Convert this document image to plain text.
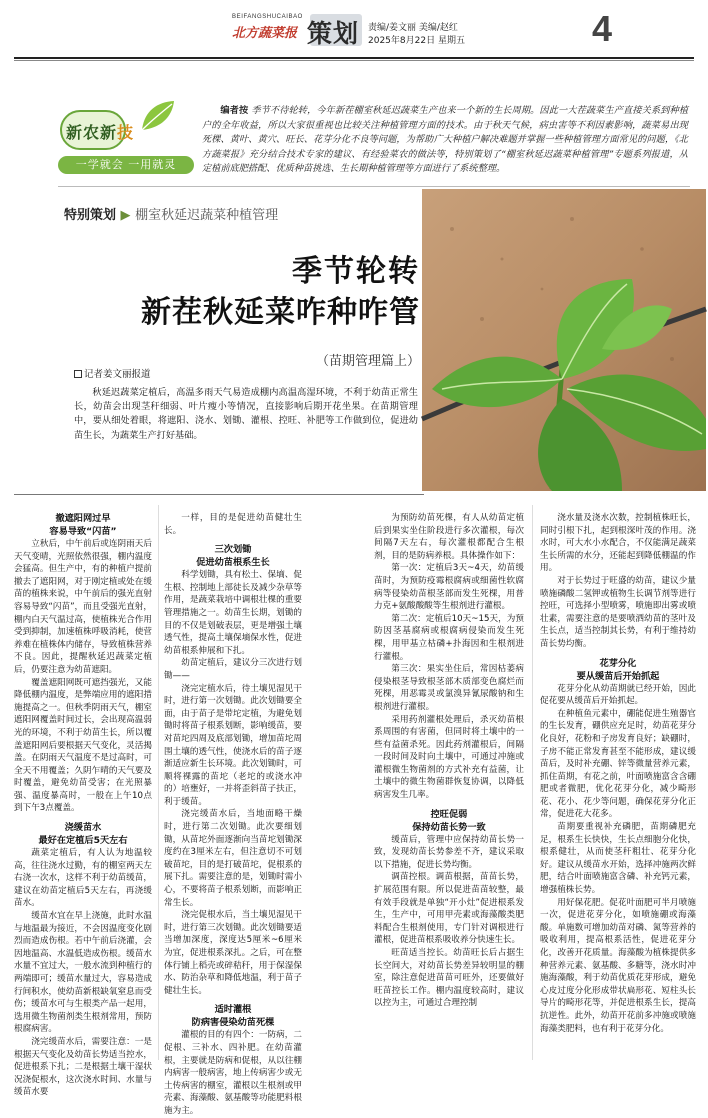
BEIFANGSHUCAIBAO
北方蔬菜报 策划 责编/姜文丽 美编/赵红
2025年8月22日 星期五	4
新农新技
一学就会 一用就灵
编者按 季节不待轮转，今年新茬棚室秋延迟蔬菜生产也来一个新的生长周期。因此一大茬蔬菜生产直接关系到种植户的全年收益，所以大家很重视也比较关注种植管理方面的技术。由于秋天气候，病虫害等不利因素影响，蔬菜易出现死棵、黄叶、黄穴、旺长、花芽分化不良等问题，为帮助广大种植户解决难题并掌握一些种植管理方面常见的问题，《北方蔬菜报》充分结合技术专家的建议、有经验菜农的做法等，特别策划了“棚室秋延迟蔬菜种植管理”专题系列报道，从定植前底肥搭配、优质种苗挑选、生长期种植管理等方面进行了系统整理。
特别策划 ▶ 棚室秋延迟蔬菜种植管理
季节轮转
新茬秋延菜咋种咋管
（苗期管理篇上）
记者姜文丽报道
秋延迟蔬菜定植后，高温多雨天气易造成棚内高温高湿环境，不利于幼苗正常生长，幼苗会出现茎秆细弱、叶片瘦小等情况，直接影响后期开花坐果。在苗期管理中，要从细处着眼，将遮阳、浇水、划锄、灌根、控旺、补肥等工作做到位，促进幼苗生长，为蔬菜生产打好基础。
撤遮阳网过早
容易导致“闪苗”

立秋后，中午前后或连阴雨天后天气变晴，光照依然很强，棚内温度会猛高。但生产中，有的种植户提前撤去了遮阳网，对于刚定植或处在缓苗的植株来说，中午前后的强光直射容易导致“闪苗”，而且受强光直射，棚内白天气温过高，使植株光合作用受到抑制，加速植株呼吸消耗，使营养难在植株体内储存，导致植株营养不良。因此，提醒秋延迟蔬菜定植后，仍要注意为幼苗遮阳。

覆盖遮阳网既可遮挡强光，又能降低棚内温度，是弊端应用的遮阳措施提高之一。但秋季阴雨天气，棚室遮阳网覆盖时间过长，会出现高温弱光的环境，不利于幼苗生长，所以覆盖遮阳网后要根据天气变化，灵活揭盖。在阴雨天气温度不是过高时，可全天不用覆盖；久阴乍晴的天气要及时覆盖，避免幼苗受害；在光照暴强、温度暴高时，一般在上午10点到下午3点覆盖。

浇缓苗水
最好在定植后5天左右

蔬菜定植后，有人认为地温较高，往往浇水过勤，有的棚室两天左右浇一次水，这样不利于幼苗缓苗，建议在幼苗定植后5天左右，再浇缓苗水。

缓苗水宜在早上浇施，此时水温与地温最为接近，不会因温度变化剧烈而造成伤根。若中午前后浇灌，会因地温高、水温低造成伤根。缓苗水水量不宜过大，一般水流到种植行的两端即可；缓苗水量过大，容易造成行间积水，使幼苗新根缺氧窒息而受伤；缓苗水可与生根类产品一起用，选用微生物菌剂类生根剂常用，预防根腐病害。

浇完缓苗水后，需要注意：一是根据天气变化及幼苗长势适当控水，促进根系下扎；二是根据土壤干湿状况浇促根水，这次浇水时间、水量与缓苗水要

一样，目的是促进幼苗健壮生长。

三次划锄
促进幼苗根系生长

科学划锄，具有松土、保墒、促生根、控制地上部徒长及减少杂草等作用，是蔬菜栽培中调根壮棵的重要管理措施之一。幼苗生长期，划锄的目的不仅是划破表层，更是增强土壤透气性，提高土壤保墒保水性，促进幼苗根系伸展和下扎。

幼苗定植后，建议分三次进行划锄——

浇完定植水后，待土壤见湿见干时，进行第一次划锄。此次划锄要全面，由于苗子是带坨定植，为避免划锄时将苗子根系划断，影响缓苗，要对苗坨四周及底部划锄，增加苗坨周围土壤的透气性，使浇水后的苗子逐渐适应新生长环境。此次划锄时，可顺将裸露的苗坨（老坨的或浇水冲的）培壅好，一并将歪斜苗子扶正，利于缓苗。

浇完缓苗水后，当地面略干燥时，进行第二次划锄。此次要细划锄，从苗坨外面逐渐向当苗坨划锄深度约在3厘米左右，但注意切不可划破苗坨，目的是打破苗坨，促根系的展下扎。需要注意的是，划锄时需小心，不要将苗子根系划断，而影响正常生长。

浇完促根水后，当土壤见湿见干时，进行第三次划锄。此次划锄要适当增加深度，深度达5厘米~6厘米为宜，促进根系深扎。之后，可在整体行铺上稻壳或碎秸秆，用于保湿保水、防治杂草和降低地温，利于苗子健壮生长。

适时灌根
防病害侵染幼苗死棵

灌根的目的有四个：一防病，二促根、三补水、四补肥。在幼苗灌根，主要就是防病和促根，从以往棚内病害一般病害，地上传病害少或无土传病害的棚室，灌根以生根剂或甲壳素、海藻酸、氨基酸等功能肥料根施为主。

为预防幼苗死棵，有人从幼苗定植后到果实坐住阶段进行多次灌根，每次间隔7天左右，每次灌根都配合生根剂，目的是防病养根。具体操作如下：

第一次：定植后3天~4天，幼苗缓苗时，为预防疫霉根腐病或细菌性软腐病等侵染幼苗根茎部而发生死棵，用普力克+氨酸酸酸等生根剂进行灌根。

第二次：定植后10天~15天，为预防因茎基腐病或根腐病侵染而发生死棵，用甲基立枯磷+扑海因和生根剂进行灌根。

第三次：果实坐住后，常因枯萎病侵染根茎导致根茎部木质部变色腐烂而死棵，用恶霉灵或氯溴异氰尿酸钠和生根剂进行灌根。

采用药剂灌根处理后，杀灭幼苗根系周围的有害菌，但同时将土壤中的一些有益菌杀死。因此药剂灌根后，间隔一段时间及时向土壤中，可通过冲施或灌根微生物菌剂的方式补充有益菌，让土壤中的微生物菌群恢复协调，以降低病害发生几率。

控旺促弱
保持幼苗长势一致

缓苗后，管理中应保持幼苗长势一致，发现幼苗长势参差不齐，建议采取以下措施，促进长势均衡。

调苗控根。调苗根据，苗苗长势，扩展范围有限。所以促进苗苗较整，最有效手段就是单独“开小灶”促进根系发生，生产中，可用甲壳素或海藻酸类肥料配合生根剂使用，专门针对调根进行灌根，促进苗根系吸收养分快速生长。

旺苗适当控长。幼苗旺长后占据生长空间大，对幼苗长势差异较明显的棚室，除注意促进苗苗可旺外，还要做好旺苗控长工作。棚内温度较高时，建议以控为主，可通过合理控制

浇水量及浇水次数，控制植株旺长，同时引根下扎，起到根深叶茂的作用。浇水时，可大水小水配合，不仅能满足蔬菜生长所需的水分，还能起到降低棚温的作用。

对于长势过于旺盛的幼苗，建议少量喷施磷酸二氢钾或植物生长调节剂等进行控旺，可选择小型喷雾，喷施即出雾或喷壮素，需要注意的是要喷洒幼苗的茎叶及生长点，适当控制其长势，有利于维持幼苗长势均衡。

花芽分化
要从缓苗后开始抓起

花芽分化从幼苗期就已经开始，因此促花要从缓苗后开始抓起。

在种植鱼元素中，硼能促进生殖器官的生长发育，硼供应充足时，幼苗花芽分化良好，花粉和子房发育良好；缺硼时，子房不能正常发育甚至不能形成，建议缓苗后，及时补充硼、锌等微量营养元素，抓住苗期，有花之前，叶面喷施富含含硼肥或者微肥，优化花芽分化，减少畸形花、花小、花少等问题，确保花芽分化正常，促进花大花多。

苗期要重视补充磷肥，苗期磷肥充足，根系生长快快，生长点细胞分化快，根系健壮，从而使茎秆粗壮、花芽分化好。建议从缓苗水开始，选择冲施两次鲜肥，结合叶面喷施富含磷、补充钙元素，增强植株长势。

用好保花肥。促花叶面肥可半月喷施一次，促进花芽分化，如喷施硼或海藻酸。单施数可增加幼苗对磷、氮等营养的吸收利用，提高根系活性，促进花芽分化，改善开花质量。海藻酸为植株提供多种营养元素、氨基酸、多糖等，浇水时冲施海藻酸，利于幼苗优质花芽形成，避免心皮过度分化形成带状扁形花、短柱头长导片的畸形花等，并促进根系生长，提高抗逆性。此外，幼苗开花前多冲施或喷施海藻类肥料，也有利于花芽分化。
